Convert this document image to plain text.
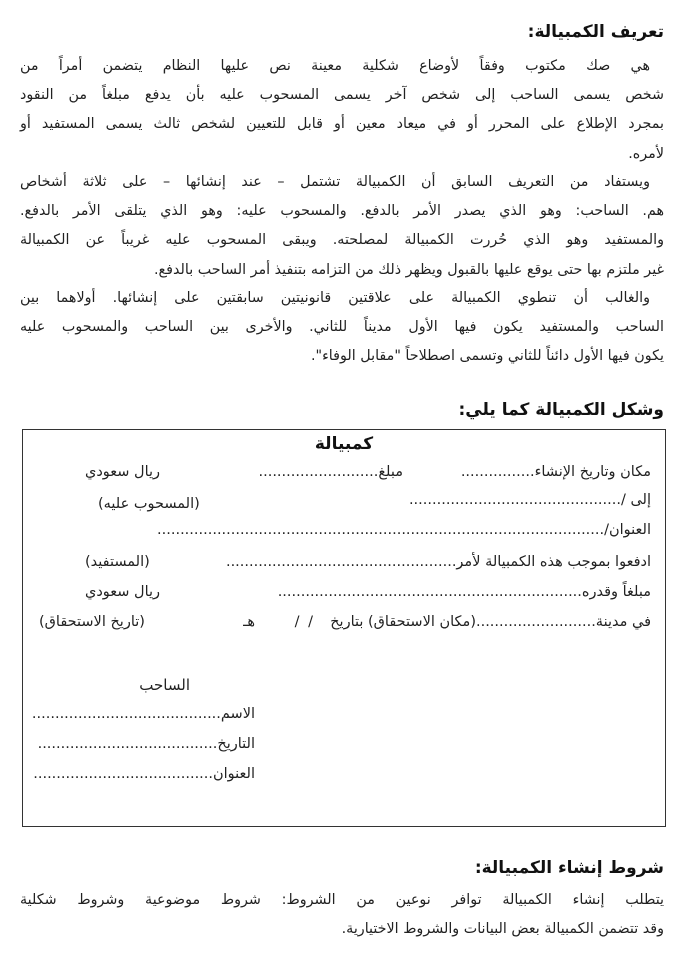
تعريف الكمبيالة:
هي صك مكتوب وفقاً لأوضاع شكلية معينة نص عليها النظام يتضمن أمراً من
شخص يسمى الساحب إلى شخص آخر يسمى المسحوب عليه بأن يدفع مبلغاً من النقود
بمجرد الإطلاع على المحرر أو في ميعاد معين أو قابل للتعيين لشخص ثالث يسمى المستفيد أو
لأمره.
ويستفاد من التعريف السابق أن الكمبيالة تشتمل – عند إنشائها – على ثلاثة أشخاص
هم. الساحب: وهو الذي يصدر الأمر بالدفع. والمسحوب عليه: وهو الذي يتلقى الأمر بالدفع.
والمستفيد وهو الذي حُررت الكمبيالة لمصلحته. ويبقى المسحوب عليه غريباً عن الكمبيالة
غير ملتزم بها حتى يوقع عليها بالقبول ويظهر ذلك من التزامه بتنفيذ أمر الساحب بالدفع.
والغالب أن تنطوي الكمبيالة على علاقتين قانونيتين سابقتين على إنشائها. أولاهما بين
الساحب والمستفيد يكون فيها الأول مديناً للثاني. والأخرى بين الساحب والمسحوب عليه
يكون فيها الأول دائناً للثاني وتسمى اصطلاحاً "مقابل الوفاء".
وشكل الكمبيالة كما يلي:
كمبيالة
مكان وتاريخ الإنشاء................
مبلغ..........................
ريال سعودي
إلى /..............................................
(المسحوب عليه)
العنوان/.................................................................................................
ادفعوا بموجب هذه الكمبيالة لأمر..................................................
(المستفيد)
مبلغاً وقدره..................................................................
ريال سعودي
في مدينة..........................(مكان الاستحقاق) بتاريخ
/ /
هـ
(تاريخ الاستحقاق)
الساحب
الاسم.........................................
التاريخ.......................................
العنوان.......................................
شروط إنشاء الكمبيالة:
يتطلب إنشاء الكمبيالة توافر نوعين من الشروط: شروط موضوعية وشروط شكلية
وقد تتضمن الكمبيالة بعض البيانات والشروط الاختيارية.
